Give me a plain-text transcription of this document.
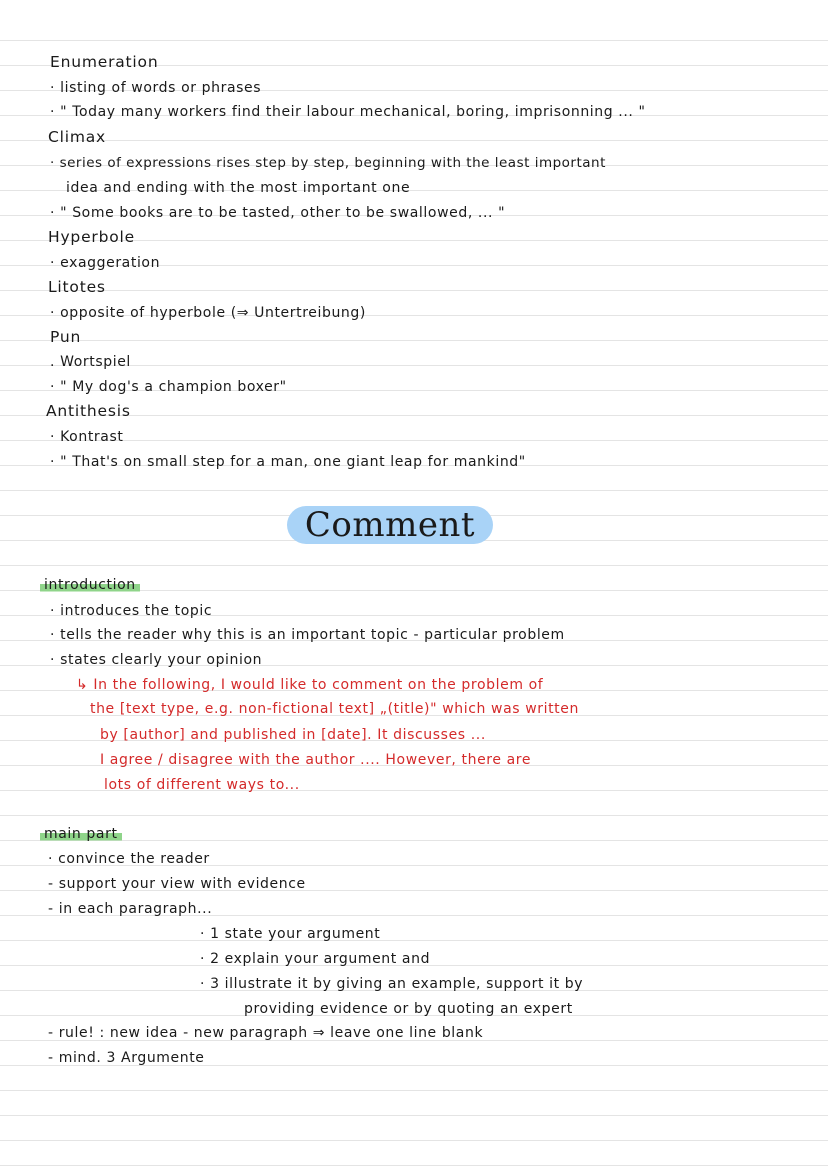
Enumeration
· listing of words or phrases
· " Today many workers find their labour mechanical, boring, imprisonning ... "
Climax
· series of expressions rises step by step, beginning with the least important
idea and ending with the most important one
· " Some books are to be tasted, other to be swallowed, ... "
Hyperbole
· exaggeration
Litotes
· opposite of hyperbole (⇒ Untertreibung)
Pun
. Wortspiel
· " My dog's a champion boxer"
Antithesis
· Kontrast
· " That's on small step for a man, one giant leap for mankind"
Comment
introduction
· introduces the topic
· tells the reader why this is an important topic - particular problem
· states clearly your opinion
↳ In the following, I would like to comment on the problem of
the [text type, e.g. non-fictional text] „(title)" which was written
by [author] and published in [date]. It discusses ...
I agree / disagree with the author .... However, there are
lots of different ways to...
main part
· convince the reader
- support your view with evidence
- in each paragraph...
· 1 state your argument
· 2 explain your argument and
· 3 illustrate it by giving an example, support it by
providing evidence or by quoting an expert
- rule! : new idea - new paragraph ⇒ leave one line blank
- mind. 3 Argumente
